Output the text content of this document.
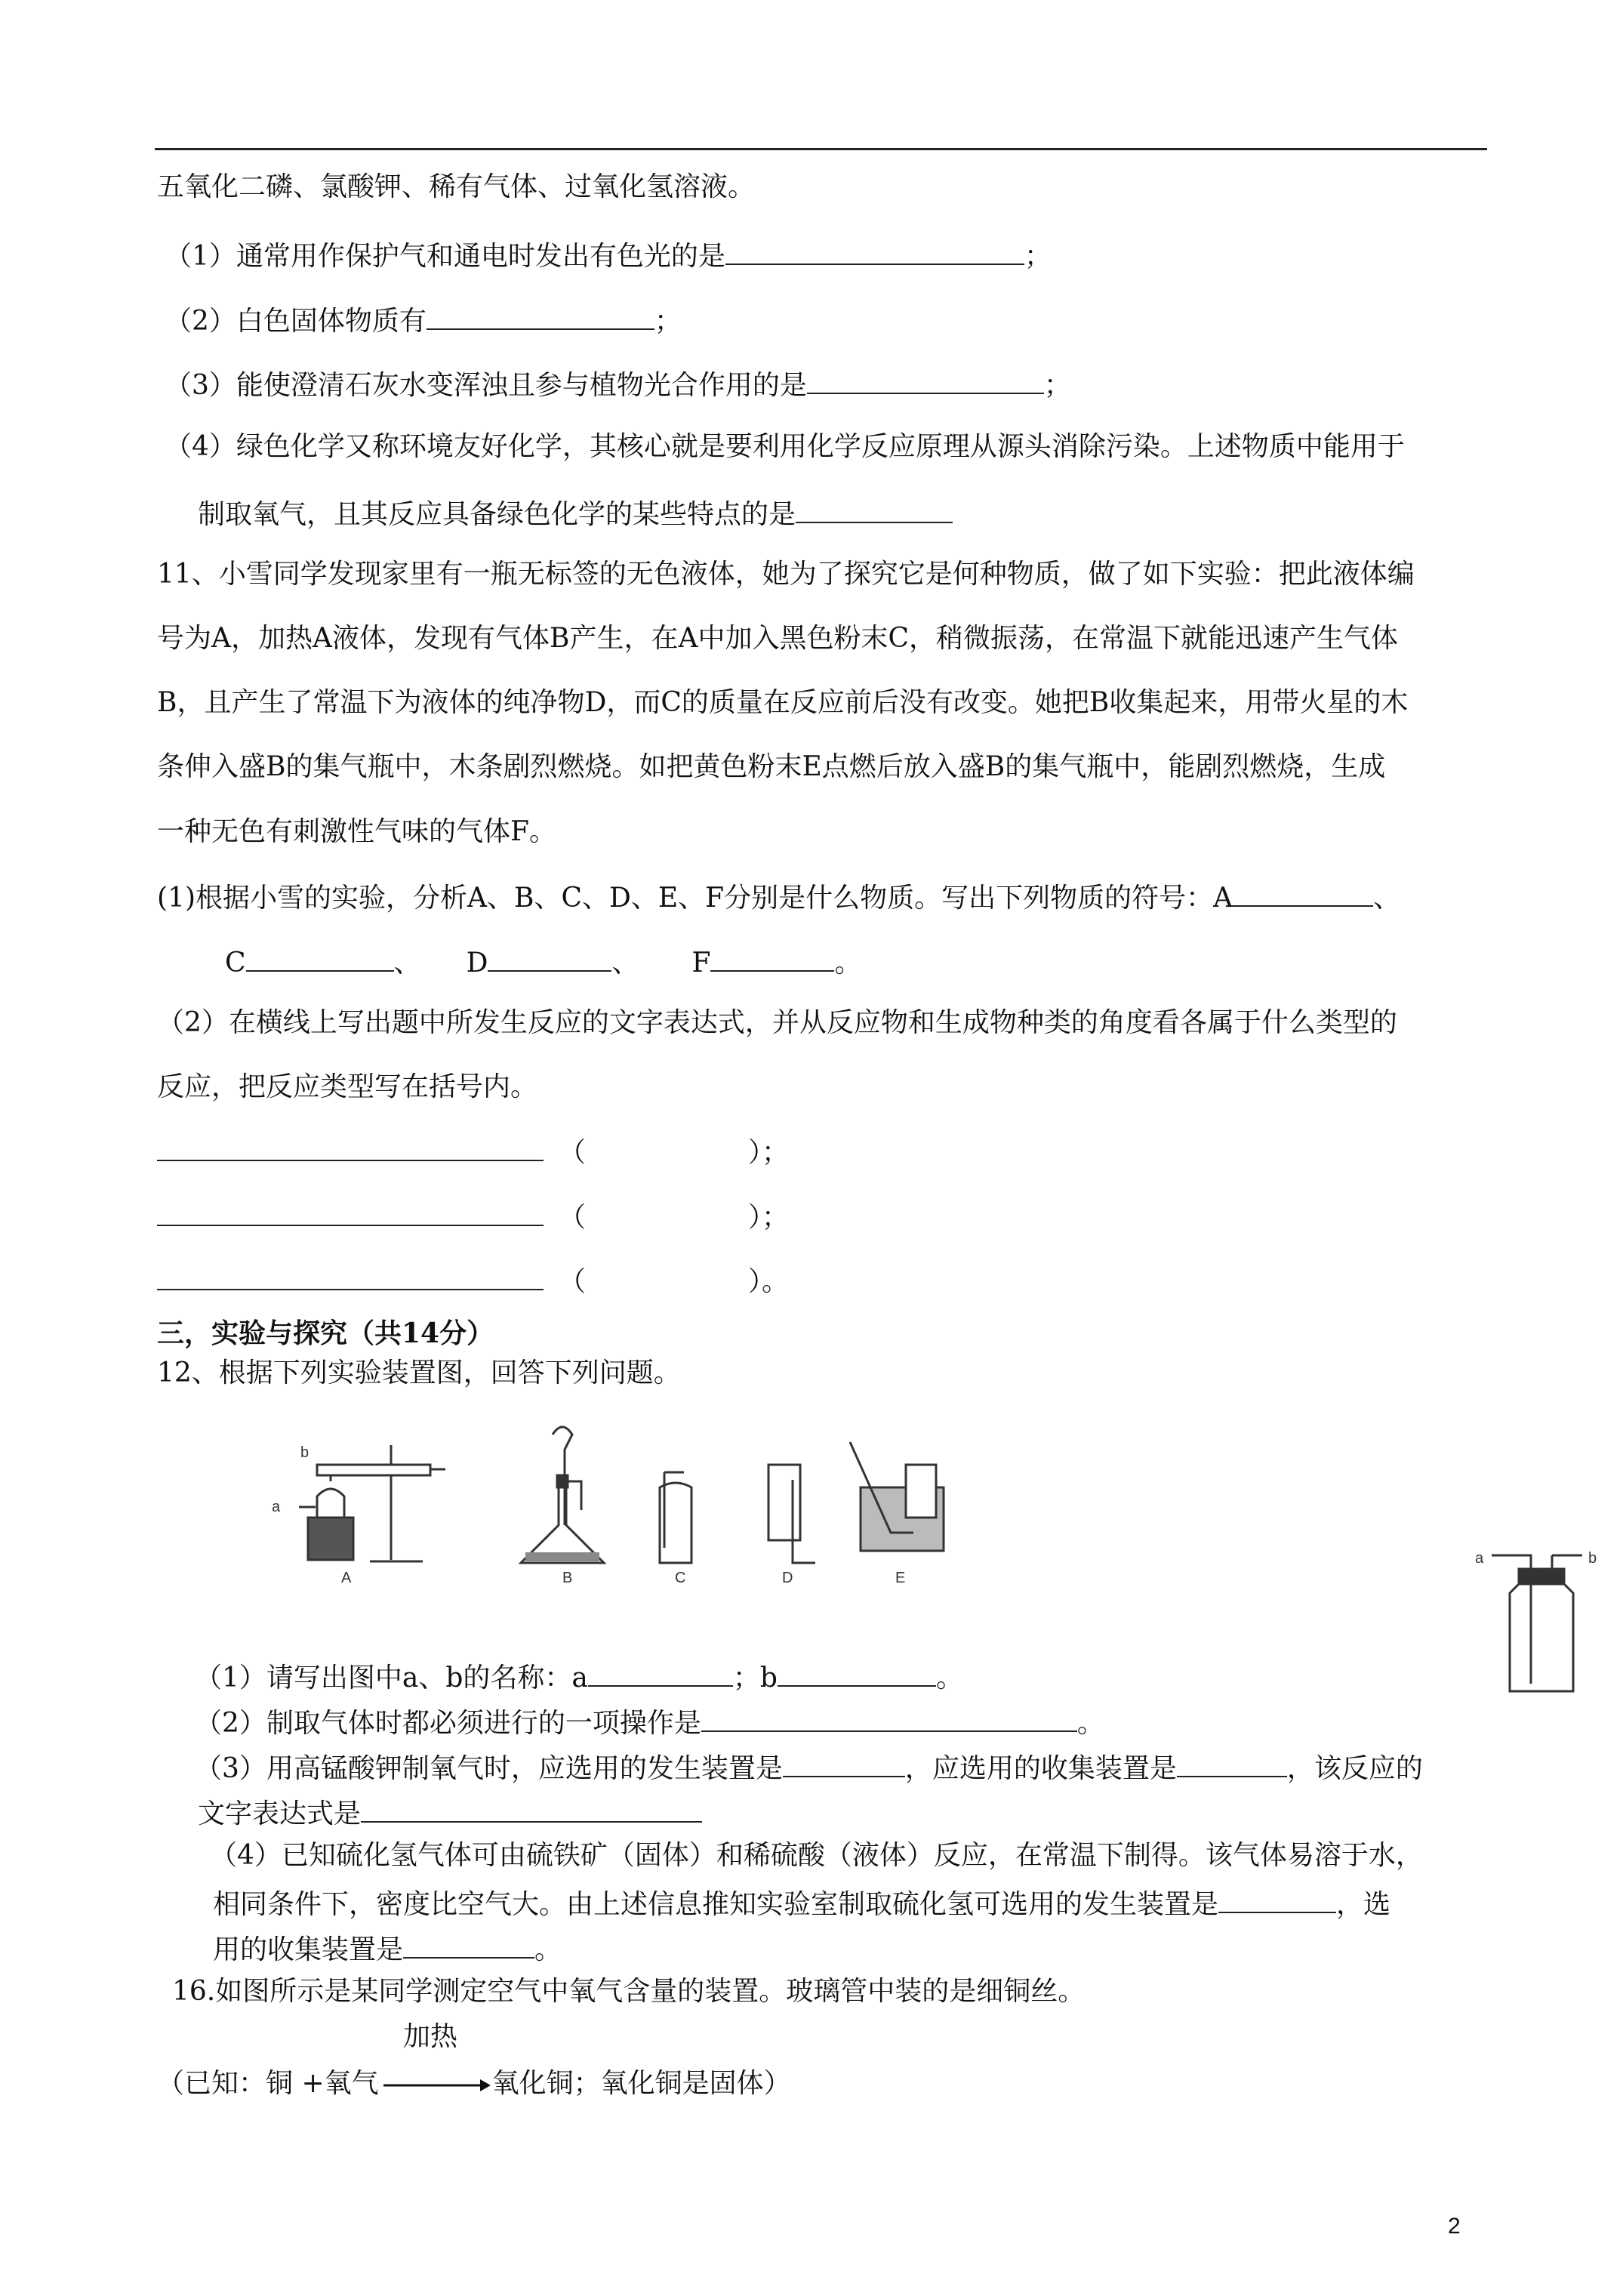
五氧化二磷、氯酸钾、稀有气体、过氧化氢溶液。
（1）通常用作保护气和通电时发出有色光的是	；
（2）白色固体物质有	；
（3）能使澄清石灰水变浑浊且参与植物光合作用的是	；
（4）绿色化学又称环境友好化学，其核心就是要利用化学反应原理从源头消除污染。上述物质中能用于
制取氧气，且其反应具备绿色化学的某些特点的是
11、小雪同学发现家里有一瓶无标签的无色液体，她为了探究它是何种物质，做了如下实验：把此液体编
号为A，加热A液体，发现有气体B产生，在A中加入黑色粉末C，稍微振荡，在常温下就能迅速产生气体
B，且产生了常温下为液体的纯净物D，而C的质量在反应前后没有改变。她把B收集起来，用带火星的木
条伸入盛B的集气瓶中，木条剧烈燃烧。如把黄色粉末E点燃后放入盛B的集气瓶中，能剧烈燃烧，生成
一种无色有刺激性气味的气体F。
(1)根据小雪的实验，分析A、B、C、D、E、F分别是什么物质。写出下列物质的符号：A	、
C	、 D	、 F	。
（2）在横线上写出题中所发生反应的文字表达式，并从反应物和生成物种类的角度看各属于什么类型的
反应，把反应类型写在括号内。
（	）；
（	）；
（	）。
三，实验与探究（共14分）
12、根据下列实验装置图，回答下列问题。
b
a
A	B	C	D	E
a	b
（1）请写出图中a、b的名称：a	；b	。
（2）制取气体时都必须进行的一项操作是	。
（3）用高锰酸钾制氧气时，应选用的发生装置是	，应选用的收集装置是	，该反应的
文字表达式是
（4）已知硫化氢气体可由硫铁矿（固体）和稀硫酸（液体）反应，在常温下制得。该气体易溶于水，
相同条件下，密度比空气大。由上述信息推知实验室制取硫化氢可选用的发生装置是	，选
用的收集装置是	。
16.如图所示是某同学测定空气中氧气含量的装置。玻璃管中装的是细铜丝。
加热
（已知：铜 +氧气	氧化铜；氧化铜是固体）
2
